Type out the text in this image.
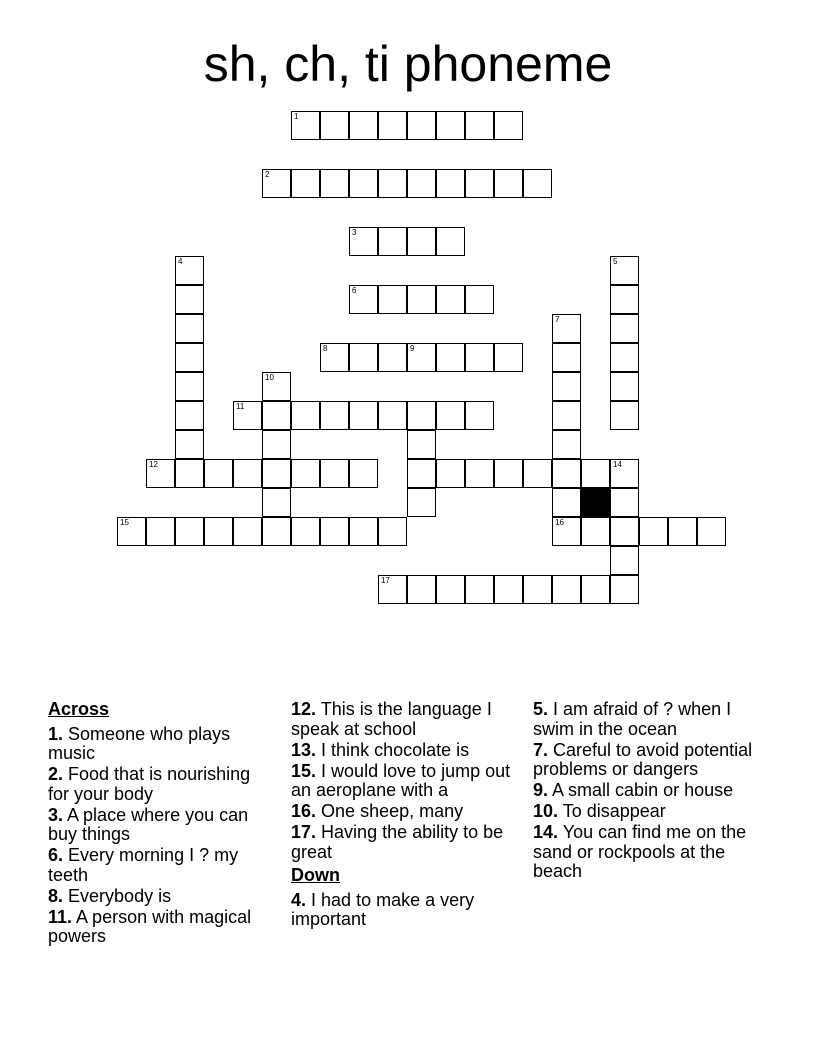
sh, ch, ti phoneme
1
2
3
4	5
6
7
8	9
10
11
12	14
15	16
17
Across
1. Someone who plays music
2. Food that is nourishing for your body
3. A place where you can buy things
6. Every morning I ? my teeth
8. Everybody is
11. A person with magical powers
12. This is the language I speak at school
13. I think chocolate is
15. I would love to jump out an aeroplane with a
16. One sheep, many
17. Having the ability to be great
Down
4. I had to make a very important
5. I am afraid of ? when I swim in the ocean
7. Careful to avoid potential problems or dangers
9. A small cabin or house
10. To disappear
14. You can find me on the sand or rockpools at the beach
